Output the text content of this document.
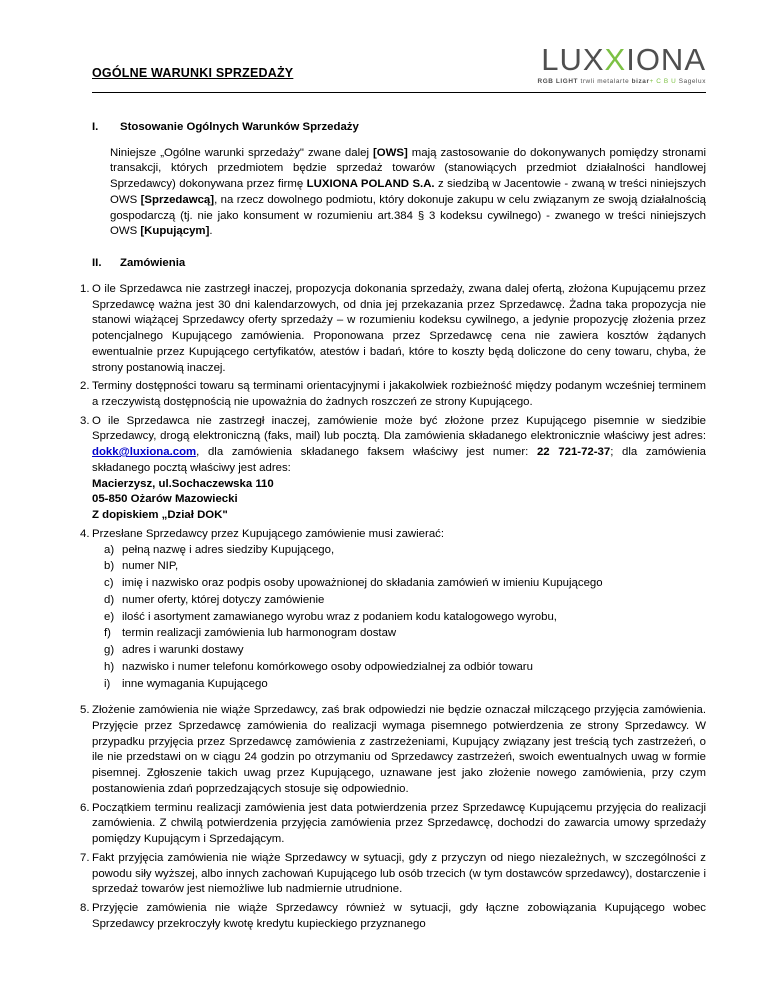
OGÓLNE WARUNKI SPRZEDAŻY	LUXXIONA
RGB LIGHT trwli metalarte bizar+ C B U Sagelux
I.	Stosowanie Ogólnych Warunków Sprzedaży

Niniejsze „Ogólne warunki sprzedaży" zwane dalej [OWS] mają zastosowanie do dokonywanych pomiędzy stronami transakcji, których przedmiotem będzie sprzedaż towarów (stanowiących przedmiot działalności handlowej Sprzedawcy) dokonywana przez firmę LUXIONA POLAND S.A. z siedzibą w Jacentowie - zwaną w treści niniejszych OWS [Sprzedawcą], na rzecz dowolnego podmiotu, który dokonuje zakupu w celu związanym ze swoją działalnością gospodarczą (tj. nie jako konsument w rozumieniu art.384 § 3 kodeksu cywilnego) - zwanego w treści niniejszych OWS [Kupującym].

II.	Zamówienia
1. O ile Sprzedawca nie zastrzegł inaczej, propozycja dokonania sprzedaży, zwana dalej ofertą, złożona Kupującemu przez Sprzedawcę ważna jest 30 dni kalendarzowych, od dnia jej przekazania przez Sprzedawcę. Żadna taka propozycja nie stanowi wiążącej Sprzedawcy oferty sprzedaży – w rozumieniu kodeksu cywilnego, a jedynie propozycję złożenia przez potencjalnego Kupującego zamówienia. Proponowana przez Sprzedawcę cena nie zawiera kosztów żądanych ewentualnie przez Kupującego certyfikatów, atestów i badań, które to koszty będą doliczone do ceny towaru, chyba, że strony postanowią inaczej.
2. Terminy dostępności towaru są terminami orientacyjnymi i jakakolwiek rozbieżność między podanym wcześniej terminem a rzeczywistą dostępnością nie upoważnia do żadnych roszczeń ze strony Kupującego.
3. O ile Sprzedawca nie zastrzegł inaczej, zamówienie może być złożone przez Kupującego pisemnie w siedzibie Sprzedawcy, drogą elektroniczną (faks, mail) lub pocztą. Dla zamówienia składanego elektronicznie właściwy jest adres: dokk@luxiona.com, dla zamówienia składanego faksem właściwy jest numer: 22 721-72-37; dla zamówienia składanego pocztą właściwy jest adres:
Macierzysz, ul.Sochaczewska 110
05-850 Ożarów Mazowiecki
Z dopiskiem „Dział DOK"
4. Przesłane Sprzedawcy przez Kupującego zamówienie musi zawierać:
a) pełną nazwę i adres siedziby Kupującego,
b) numer NIP,
c) imię i nazwisko oraz podpis osoby upoważnionej do składania zamówień w imieniu Kupującego
d) numer oferty, której dotyczy zamówienie
e) ilość i asortyment zamawianego wyrobu wraz z podaniem kodu katalogowego wyrobu,
f) termin realizacji zamówienia lub harmonogram dostaw
g) adres i warunki dostawy
h) nazwisko i numer telefonu komórkowego osoby odpowiedzialnej za odbiór towaru
i)	inne wymagania Kupującego
5. Złożenie zamówienia nie wiąże Sprzedawcy, zaś brak odpowiedzi nie będzie oznaczał milczącego przyjęcia zamówienia. Przyjęcie przez Sprzedawcę zamówienia do realizacji wymaga pisemnego potwierdzenia ze strony Sprzedawcy. W przypadku przyjęcia przez Sprzedawcę zamówienia z zastrzeżeniami, Kupujący związany jest treścią tych zastrzeżeń, o ile nie przedstawi on w ciągu 24 godzin po otrzymaniu od Sprzedawcy zastrzeżeń, swoich ewentualnych uwag w formie pisemnej. Zgłoszenie takich uwag przez Kupującego, uznawane jest jako złożenie nowego zamówienia, przy czym postanowienia zdań poprzedzających stosuje się odpowiednio.
6. Początkiem terminu realizacji zamówienia jest data potwierdzenia przez Sprzedawcę Kupującemu przyjęcia do realizacji zamówienia. Z chwilą potwierdzenia przyjęcia zamówienia przez Sprzedawcę, dochodzi do zawarcia umowy sprzedaży pomiędzy Kupującym i Sprzedającym.
7. Fakt przyjęcia zamówienia nie wiąże Sprzedawcy w sytuacji, gdy z przyczyn od niego niezależnych, w szczególności z powodu siły wyższej, albo innych zachowań Kupującego lub osób trzecich (w tym dostawców sprzedawcy), dostarczenie i sprzedaż towarów jest niemożliwe lub nadmiernie utrudnione.
8. Przyjęcie zamówienia nie wiąże Sprzedawcy również w sytuacji, gdy łączne zobowiązania Kupującego wobec Sprzedawcy przekroczyły kwotę kredytu kupieckiego przyznanego
